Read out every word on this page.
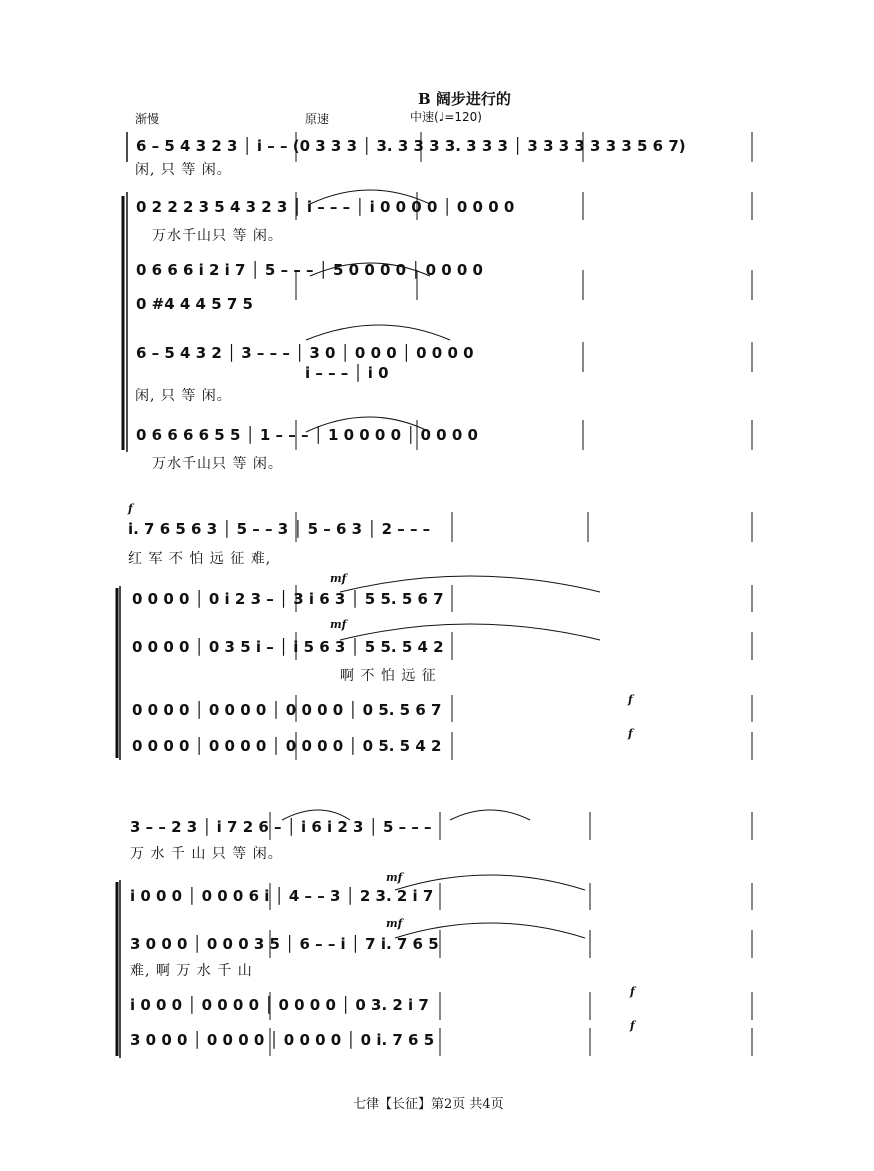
B 阔步进行的
渐慢	原速	中速(♩=120)
6 – 5 4 3 2 3 │ i – – (0 3 3 3 │ 3. 3 3 3 3. 3 3 3 │ 3 3 3 3 3 3 3 5 6 7)
闲, 只 等 闲。
0 2 2 2 3 5 4 3 2 3 │ i – – – │ i 0 0 0 0 │ 0 0 0 0
万水千山只 等 闲。
0 6 6 6 i 2 i 7 │ 5 – – – │ 5 0 0 0 0 │ 0 0 0 0
0 #4 4 4 5 7 5
6 – 5 4 3 2 │ 3 – – – │ 3 0 │ 0 0 0 │ 0 0 0 0
i – – – │ i 0
闲, 只 等 闲。
0 6 6 6 6 5 5 │ 1 – – – │ 1 0 0 0 0 │ 0 0 0 0
万水千山只 等 闲。
f
i. 7 6 5 6 3 │ 5 – – 3 │ 5 – 6 3 │ 2 – – –
红 军 不 怕 远 征 难,
mf
0 0 0 0 │ 0 i 2 3 – │ 3 i 6 3 │ 5 5. 5 6 7
mf
0 0 0 0 │ 0 3 5 i – │ i 5 6 3 │ 5 5. 5 4 2
啊 不 怕 远 征
f
0 0 0 0 │ 0 0 0 0 │ 0 0 0 0 │ 0 5. 5 6 7
f
0 0 0 0 │ 0 0 0 0 │ 0 0 0 0 │ 0 5. 5 4 2
3 – – 2 3 │ i 7 2 6 – │ i 6 i 2 3 │ 5 – – –
万 水 千 山 只 等 闲。
mf
i 0 0 0 │ 0 0 0 6 i │ 4 – – 3 │ 2 3. 2 i 7
mf
3 0 0 0 │ 0 0 0 3 5 │ 6 – – i │ 7 i. 7 6 5
难, 啊 万 水 千 山
f
i 0 0 0 │ 0 0 0 0 │ 0 0 0 0 │ 0 3. 2 i 7
f
3 0 0 0 │ 0 0 0 0 │ 0 0 0 0 │ 0 i. 7 6 5
七律【长征】第2页 共4页
